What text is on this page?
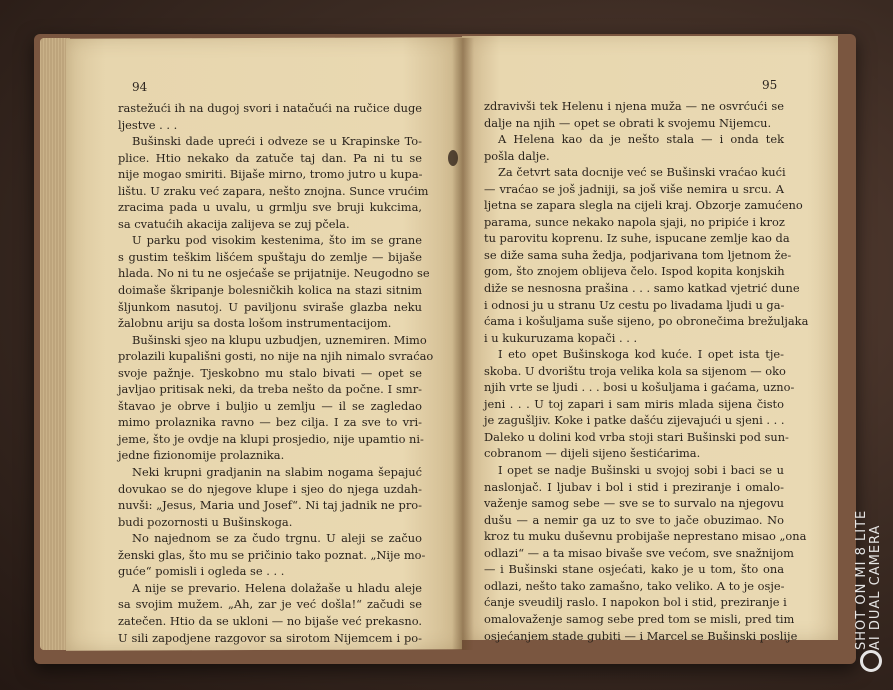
94	95
rastežući ih na dugoj svori i natačući na ručice duge
ljestve . . .
Bušinski dade upreći i odveze se u Krapinske To-
plice. Htio nekako da zatuče taj dan. Pa ni tu se
nije mogao smiriti. Bijaše mirno, tromo jutro u kupa-
lištu. U zraku već zapara, nešto znojna. Sunce vrućim
zracima pada u uvalu, u grmlju sve bruji kukcima,
sa cvatućih akacija zalijeva se zuj pčela.
U parku pod visokim kestenima, što im se grane
s gustim teškim lišćem spuštaju do zemlje — bijaše
hlada. No ni tu ne osjećaše se prijatnije. Neugodno se
doimaše škripanje bolesničkih kolica na stazi sitnim
šljunkom nasutoj. U paviljonu sviraše glazba neku
žalobnu ariju sa dosta lošom instrumentacijom.
Bušinski sjeo na klupu uzbudjen, uznemiren. Mimo
prolazili kupališni gosti, no nije na njih nimalo svraćao
svoje pažnje. Tjeskobno mu stalo bivati — opet se
javljao pritisak neki, da treba nešto da počne. I smr-
štavao je obrve i buljio u zemlju — il se zagledao
mimo prolaznika ravno — bez cilja. I za sve to vri-
jeme, što je ovdje na klupi prosjedio, nije upamtio ni-
jedne fizionomije prolaznika.
Neki krupni gradjanin na slabim nogama šepajuć
dovukao se do njegove klupe i sjeo do njega uzdah-
nuvši: „Jesus, Maria und Josef“. Ni taj jadnik ne pro-
budi pozornosti u Bušinskoga.
No najednom se za čudo trgnu. U aleji se začuo
ženski glas, što mu se pričinio tako poznat. „Nije mo-
guće“ pomisli i ogleda se . . .
A nije se prevario. Helena dolažaše u hladu aleje
sa svojim mužem. „Ah, zar je već došla!“ začudi se
zatečen. Htio da se ukloni — no bijaše već prekasno.
U sili zapodjene razgovor sa sirotom Nijemcem i po-
zdravivši tek Helenu i njena muža — ne osvrćući se
dalje na njih — opet se obrati k svojemu Nijemcu.
A Helena kao da je nešto stala — i onda tek
pošla dalje.
Za četvrt sata docnije već se Bušinski vraćao kući
— vraćao se još jadniji, sa još više nemira u srcu. A
ljetna se zapara slegla na cijeli kraj. Obzorje zamućeno
parama, sunce nekako napola sjaji, no pripiće i kroz
tu parovitu koprenu. Iz suhe, ispucane zemlje kao da
se diže sama suha žedja, podjarivana tom ljetnom že-
gom, što znojem oblijeva čelo. Ispod kopita konjskih
diže se nesnosna prašina . . . samo katkad vjetrić dune
i odnosi ju u stranu Uz cestu po livadama ljudi u ga-
ćama i košuljama suše sijeno, po obronečima brežuljaka
i u kukuruzama kopači . . .
I eto opet Bušinskoga kod kuće. I opet ista tje-
skoba. U dvorištu troja velika kola sa sijenom — oko
njih vrte se ljudi . . . bosi u košuljama i gaćama, uzno-
jeni . . . U toj zapari i sam miris mlada sijena čisto
je zagušljiv. Koke i patke dašću zijevajući u sjeni . . .
Daleko u dolini kod vrba stoji stari Bušinski pod sun-
cobranom — dijeli sijeno šestićarima.
I opet se nadje Bušinski u svojoj sobi i baci se u
naslonjač. I ljubav i bol i stid i preziranje i omalo-
važenje samog sebe — sve se to survalo na njegovu
dušu — a nemir ga uz to sve to jače obuzimao. No
kroz tu muku duševnu probijaše neprestano misao „ona
odlazi“ — a ta misao bivaše sve većom, sve snažnijom
— i Bušinski stane osjećati, kako je u tom, što ona
odlazi, nešto tako zamašno, tako veliko. A to je osje-
ćanje sveudilj raslo. I napokon bol i stid, preziranje i
omalovaženje samog sebe pred tom se misli, pred tim
osjećanjem stade gubiti — i Marcel se Bušinski poslije	SHOT ON MI 8 LITE AI DUAL CAMERA
